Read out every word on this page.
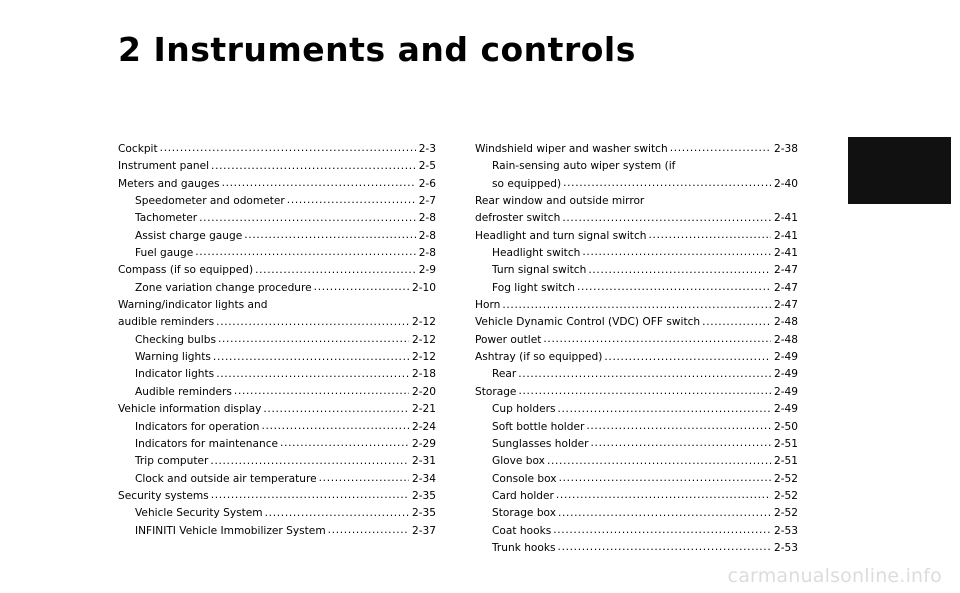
2 Instruments and controls
Cockpit . . .	2-3
Instrument panel . . .	2-5
Meters and gauges . . .	2-6
Speedometer and odometer . . .	2-7
Tachometer . . .	2-8
Assist charge gauge . . .	2-8
Fuel gauge . . .	2-8
Compass (if so equipped) . . .	2-9
Zone variation change procedure . . .	2-10
Warning/indicator lights and
audible reminders . . .	2-12
Checking bulbs . . .	2-12
Warning lights . . .	2-12
Indicator lights . . .	2-18
Audible reminders . . .	2-20
Vehicle information display . . .	2-21
Indicators for operation . . .	2-24
Indicators for maintenance . . .	2-29
Trip computer . . .	2-31
Clock and outside air temperature . . .	2-34
Security systems . . .	2-35
Vehicle Security System . . .	2-35
INFINITI Vehicle Immobilizer System . . .	2-37
Windshield wiper and washer switch . . .	2-38
Rain-sensing auto wiper system (if
so equipped) . . .	2-40
Rear window and outside mirror
defroster switch . . .	2-41
Headlight and turn signal switch . . .	2-41
Headlight switch . . .	2-41
Turn signal switch . . .	2-47
Fog light switch . . .	2-47
Horn . . .	2-47
Vehicle Dynamic Control (VDC) OFF switch . . .	2-48
Power outlet . . .	2-48
Ashtray (if so equipped) . . .	2-49
Rear . . .	2-49
Storage . . .	2-49
Cup holders . . .	2-49
Soft bottle holder . . .	2-50
Sunglasses holder . . .	2-51
Glove box . . .	2-51
Console box . . .	2-52
Card holder . . .	2-52
Storage box . . .	2-52
Coat hooks . . .	2-53
Trunk hooks . . .	2-53
carmanualsonline.info
